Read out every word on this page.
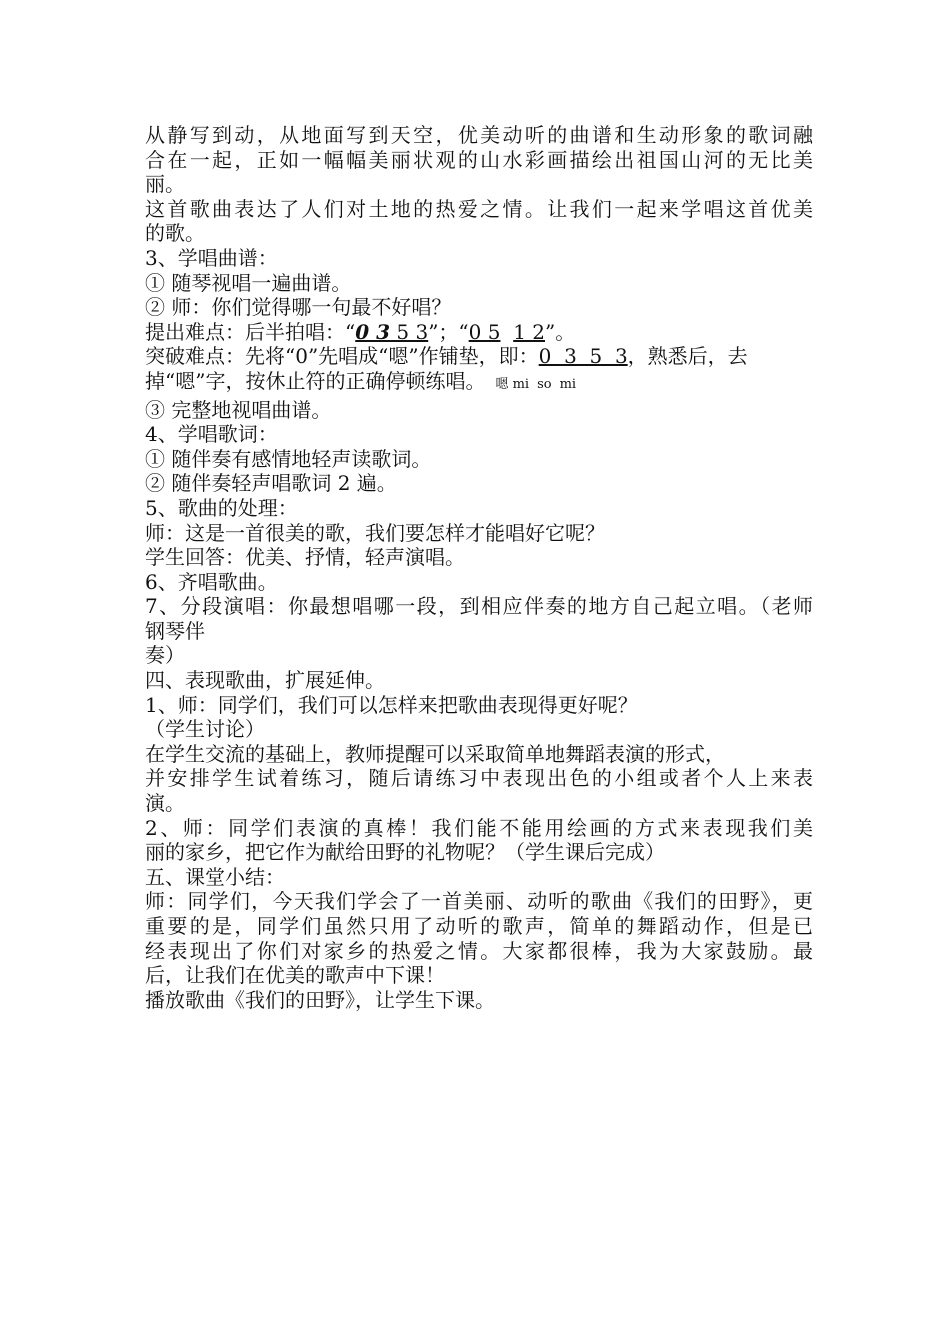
从静写到动，从地面写到天空，优美动听的曲谱和生动形象的歌词融
合在一起，正如一幅幅美丽状观的山水彩画描绘出祖国山河的无比美
丽。
这首歌曲表达了人们对土地的热爱之情。让我们一起来学唱这首优美
的歌。
3、学唱曲谱：
① 随琴视唱一遍曲谱。
② 师：你们觉得哪一句最不好唱？
提出难点：后半拍唱：“0 3 5 3”；“0 5 1 2”。
突破难点：先将“0”先唱成“嗯”作铺垫，即：0  3  5  3，熟悉后，去
掉“嗯”字，按休止符的正确停顿练唱。 嗯 mi so mi
③ 完整地视唱曲谱。
4、学唱歌词：
① 随伴奏有感情地轻声读歌词。
② 随伴奏轻声唱歌词 2 遍。
5、歌曲的处理：
师：这是一首很美的歌，我们要怎样才能唱好它呢？
学生回答：优美、抒情，轻声演唱。
6、齐唱歌曲。
7、分段演唱：你最想唱哪一段，到相应伴奏的地方自己起立唱。（老师
钢琴伴
奏）
四、表现歌曲，扩展延伸。
1、师：同学们，我们可以怎样来把歌曲表现得更好呢？
（学生讨论）
在学生交流的基础上，教师提醒可以采取简单地舞蹈表演的形式，
并安排学生试着练习，随后请练习中表现出色的小组或者个人上来表
演。
2、师：同学们表演的真棒！我们能不能用绘画的方式来表现我们美
丽的家乡，把它作为献给田野的礼物呢？（学生课后完成）
五、课堂小结：
师：同学们，今天我们学会了一首美丽、动听的歌曲《我们的田野》，更
重要的是，同学们虽然只用了动听的歌声，简单的舞蹈动作，但是已
经表现出了你们对家乡的热爱之情。大家都很棒，我为大家鼓励。最
后，让我们在优美的歌声中下课！
播放歌曲《我们的田野》，让学生下课。
